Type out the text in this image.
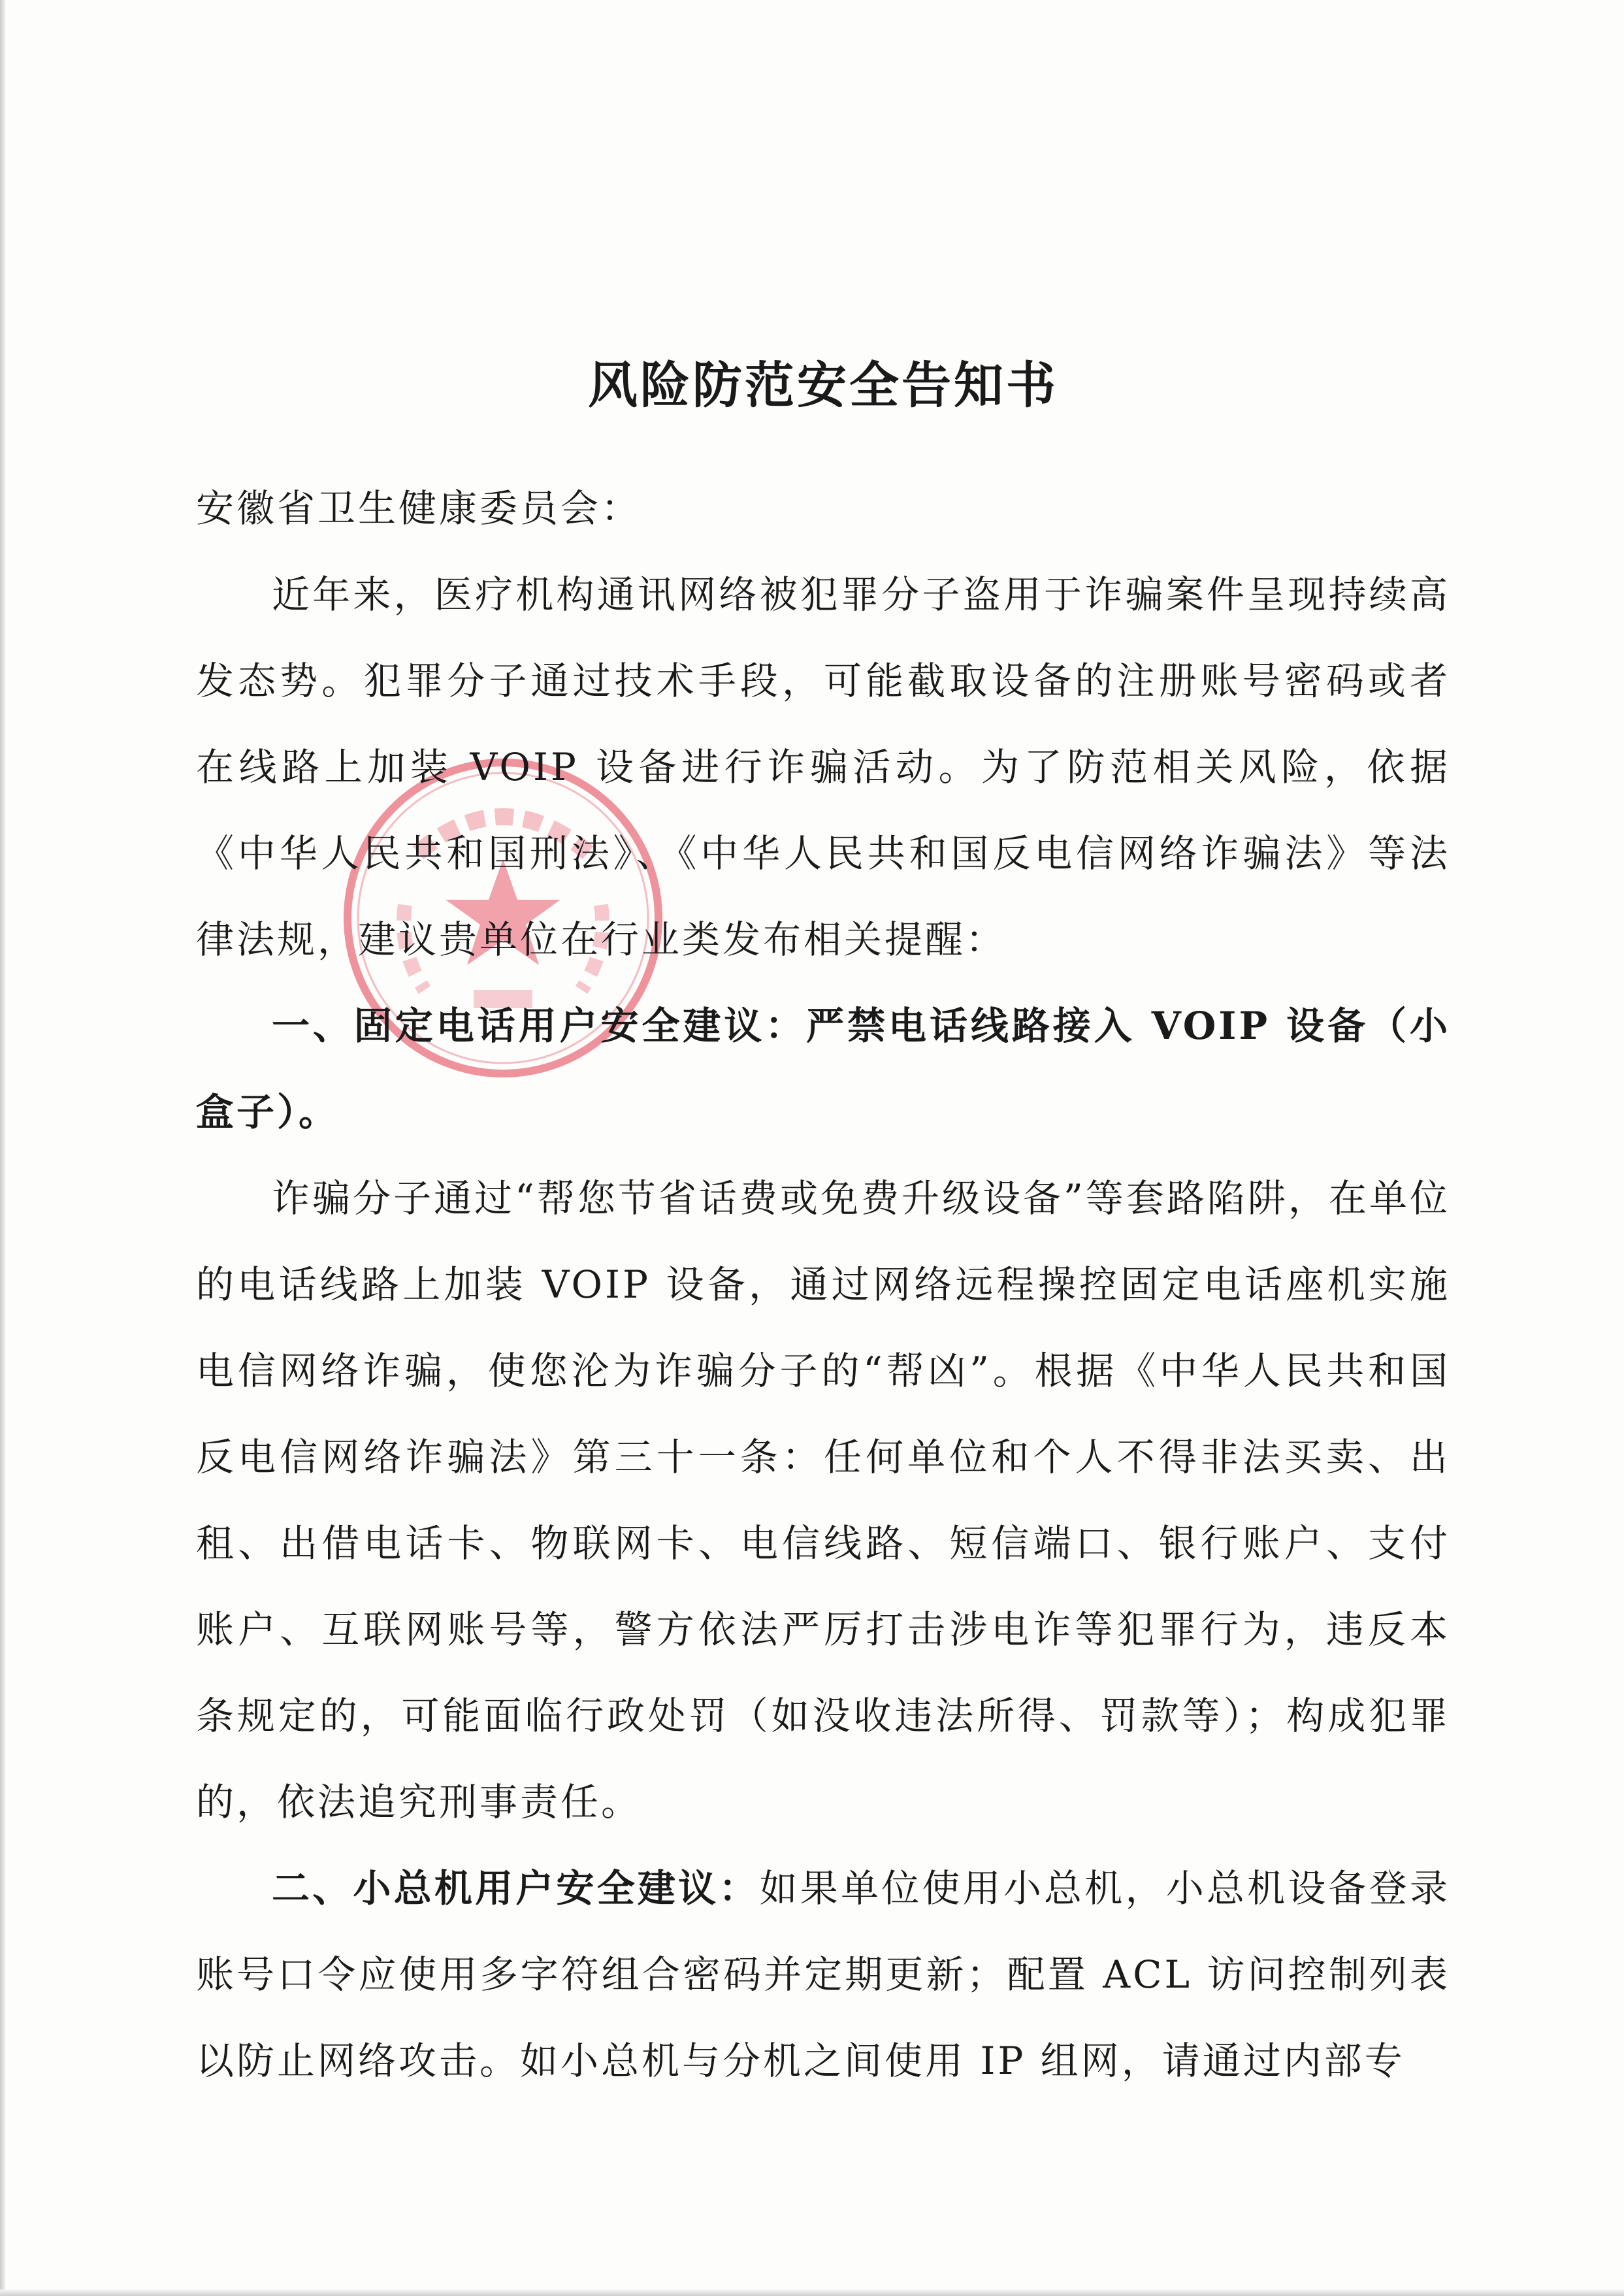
风险防范安全告知书

安徽省卫生健康委员会：

近年来，医疗机构通讯网络被犯罪分子盗用于诈骗案件呈现持续高发态势。犯罪分子通过技术手段，可能截取设备的注册账号密码或者在线路上加装 VOIP 设备进行诈骗活动。为了防范相关风险，依据《中华人民共和国刑法》、《中华人民共和国反电信网络诈骗法》等法律法规，建议贵单位在行业类发布相关提醒：

一、固定电话用户安全建议：严禁电话线路接入 VOIP 设备（小盒子）。

诈骗分子通过“帮您节省话费或免费升级设备”等套路陷阱，在单位的电话线路上加装 VOIP 设备，通过网络远程操控固定电话座机实施电信网络诈骗，使您沦为诈骗分子的“帮凶”。根据《中华人民共和国反电信网络诈骗法》第三十一条：任何单位和个人不得非法买卖、出租、出借电话卡、物联网卡、电信线路、短信端口、银行账户、支付账户、互联网账号等，警方依法严厉打击涉电诈等犯罪行为，违反本条规定的，可能面临行政处罚（如没收违法所得、罚款等）；构成犯罪的，依法追究刑事责任。

二、小总机用户安全建议：如果单位使用小总机，小总机设备登录账号口令应使用多字符组合密码并定期更新；配置 ACL 访问控制列表以防止网络攻击。如小总机与分机之间使用 IP 组网，请通过内部专
